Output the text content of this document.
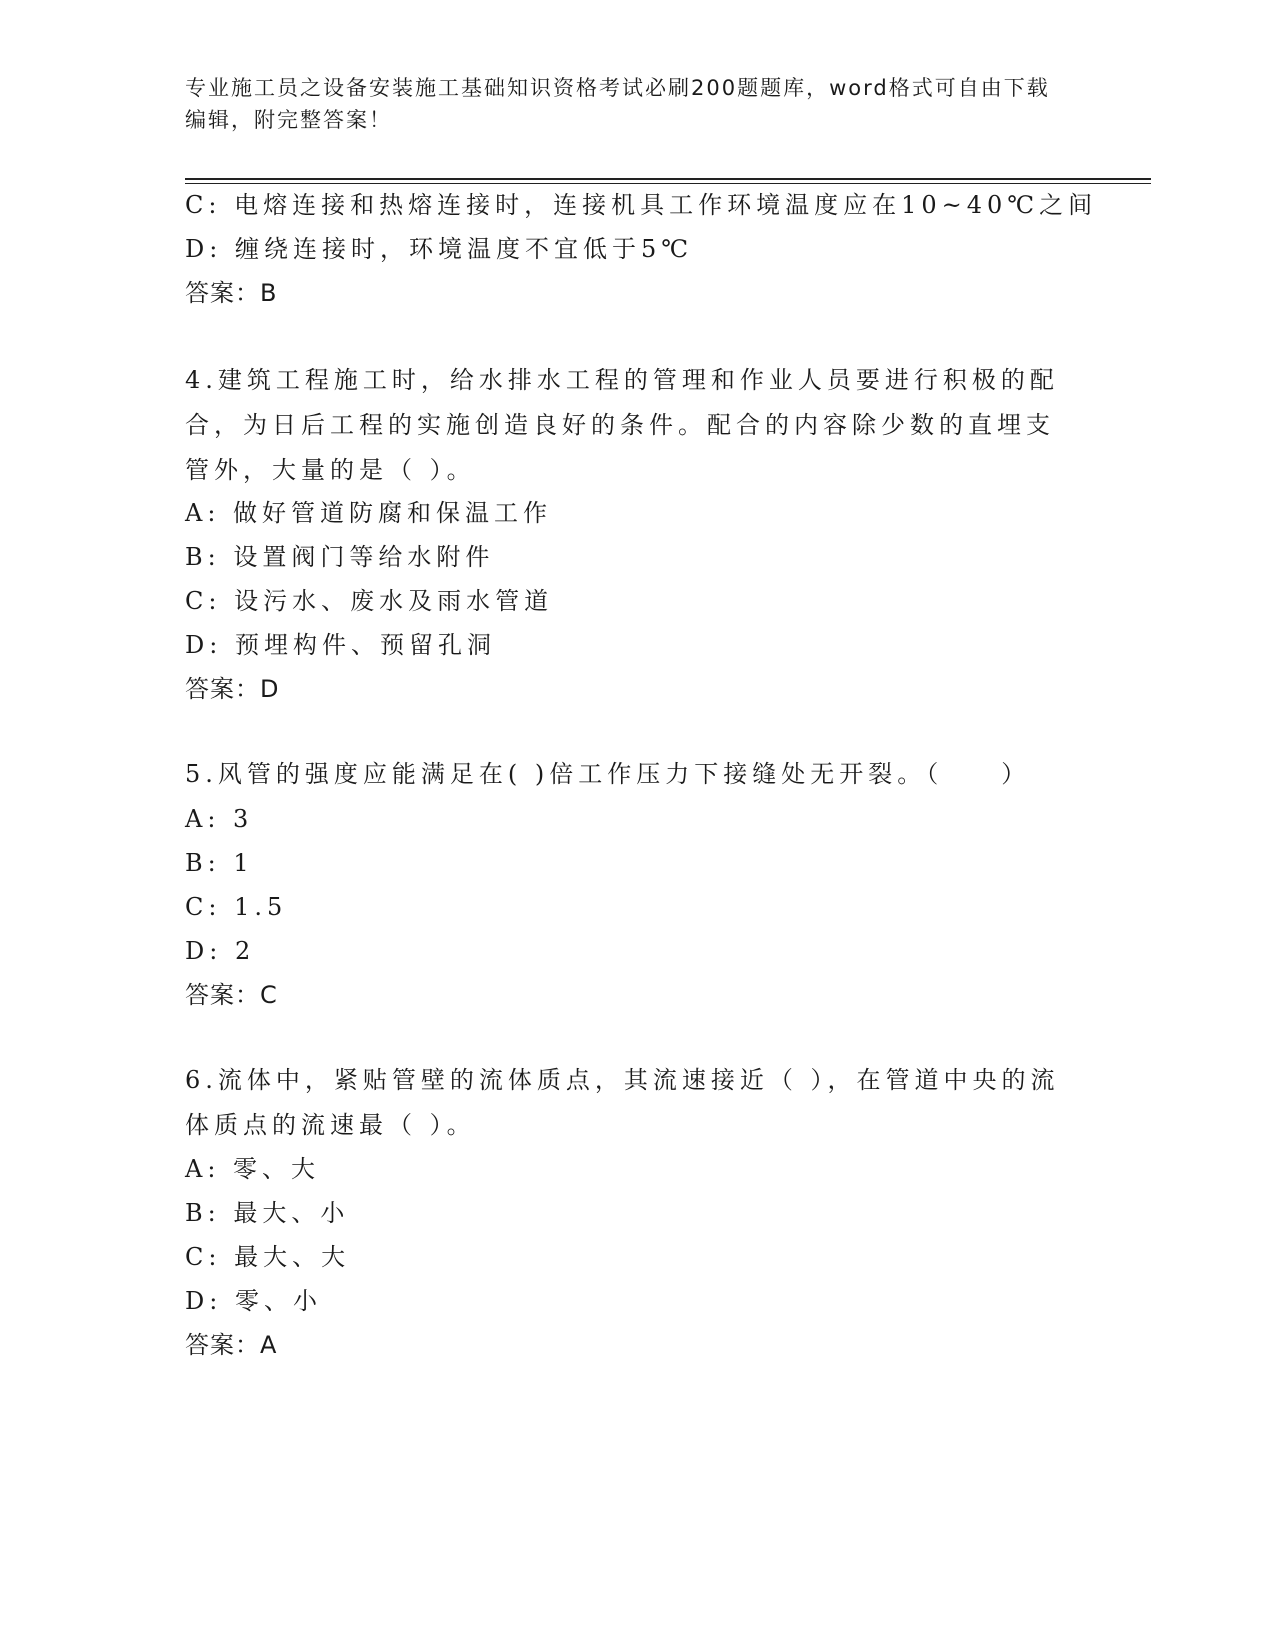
专业施工员之设备安装施工基础知识资格考试必刷200题题库，word格式可自由下载编辑，附完整答案！
C: 电熔连接和热熔连接时，连接机具工作环境温度应在10~40℃之间
D: 缠绕连接时，环境温度不宜低于5℃
答案：B
4.建筑工程施工时，给水排水工程的管理和作业人员要进行积极的配合，为日后工程的实施创造良好的条件。配合的内容除少数的直埋支管外，大量的是（ ）。
A: 做好管道防腐和保温工作
B: 设置阀门等给水附件
C: 设污水、废水及雨水管道
D: 预埋构件、预留孔洞
答案：D
5.风管的强度应能满足在( )倍工作压力下接缝处无开裂。（　　）
A: 3
B: 1
C: 1.5
D: 2
答案：C
6.流体中，紧贴管壁的流体质点，其流速接近（ ），在管道中央的流体质点的流速最（ ）。
A: 零、大
B: 最大、小
C: 最大、大
D: 零、小
答案：A
